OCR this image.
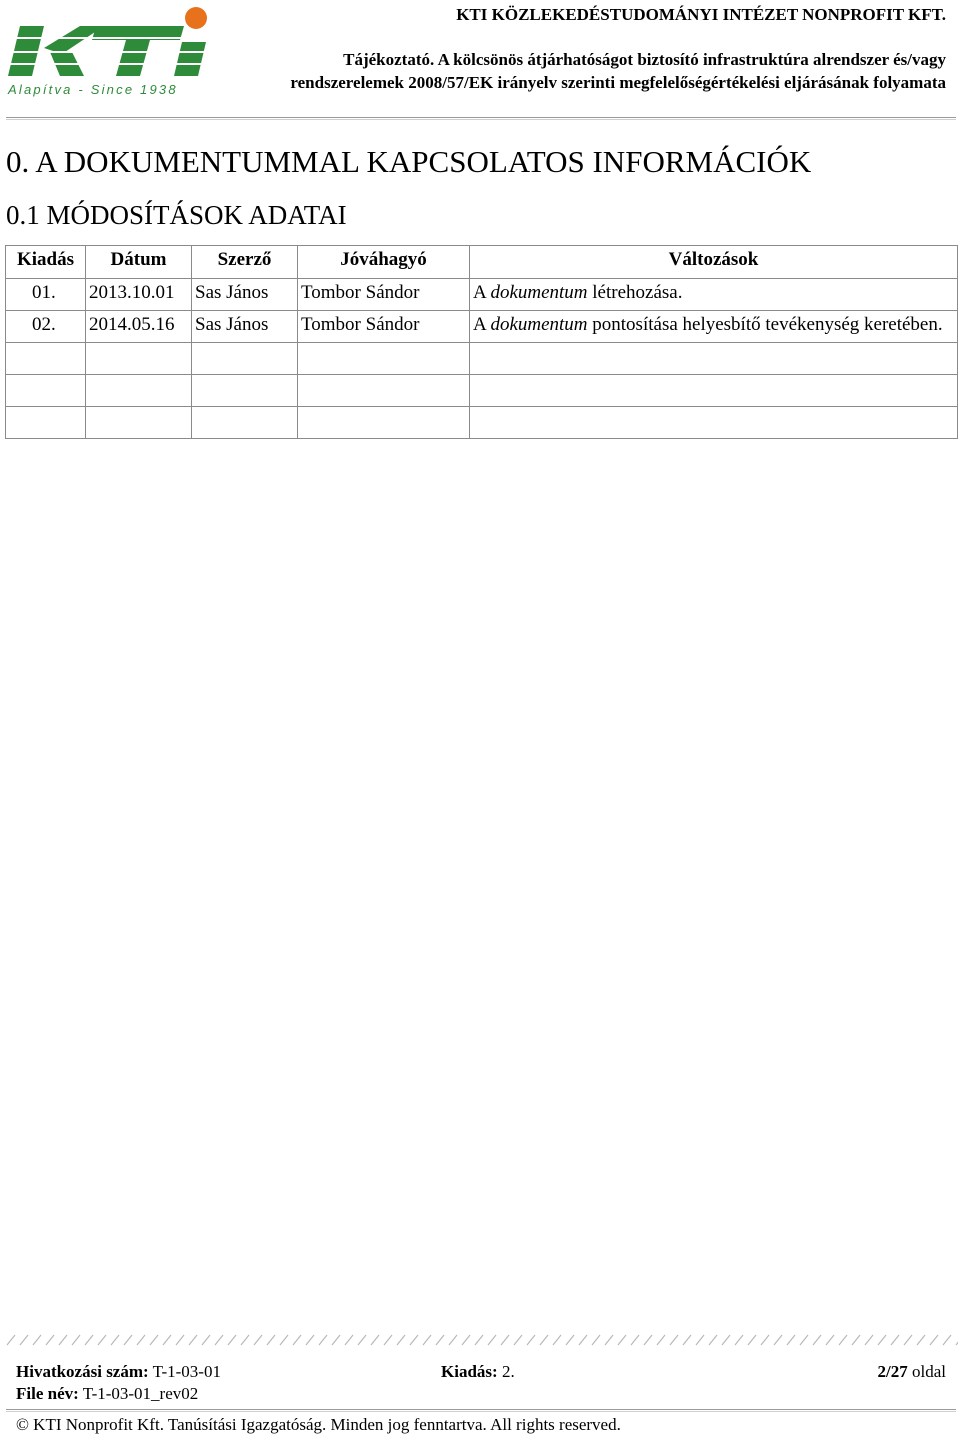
Alapítva - Since 1938
KTI KÖZLEKEDÉSTUDOMÁNYI INTÉZET NONPROFIT KFT.
Tájékoztató. A kölcsönös átjárhatóságot biztosító infrastruktúra alrendszer és/vagy rendszerelemek 2008/57/EK irányelv szerinti megfelelőségértékelési eljárásának folyamata
0. A DOKUMENTUMMAL KAPCSOLATOS INFORMÁCIÓK
0.1 MÓDOSÍTÁSOK ADATAI
Kiadás	Dátum	Szerző	Jóváhagyó	Változások
01.	2013.10.01	Sas János	Tombor Sándor	A dokumentum létrehozása.
02.	2014.05.16	Sas János	Tombor Sándor	A dokumentum pontosítása helyesbítő tevékenység keretében.

Hivatkozási szám: T-1-03-01	Kiadás: 2.	2/27 oldal
File név: T-1-03-01_rev02
© KTI Nonprofit Kft. Tanúsítási Igazgatóság. Minden jog fenntartva. All rights reserved.
